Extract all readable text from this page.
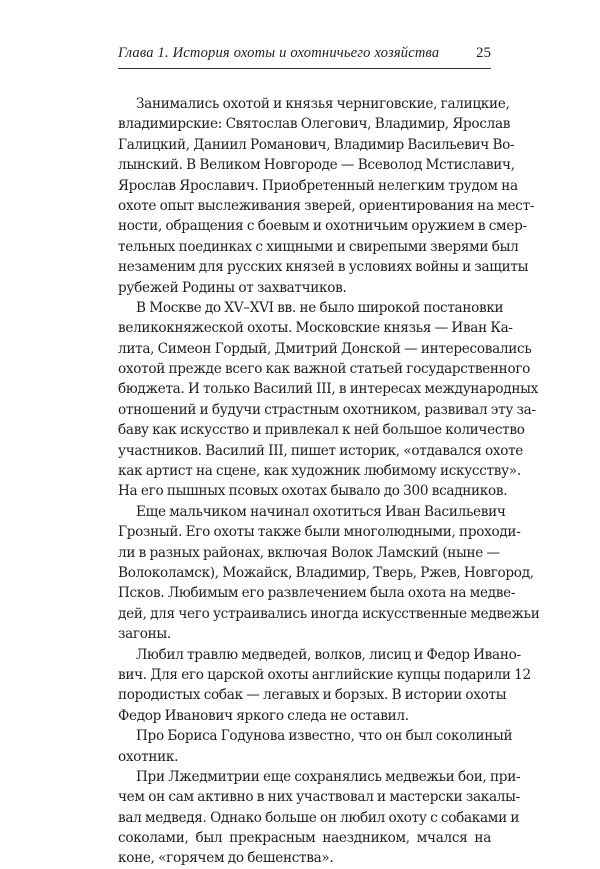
Глава 1. История охоты и охотничьего хозяйства 25
Занимались охотой и князья черниговские, галицкие,
владимирские: Святослав Олегович, Владимир, Ярослав
Галицкий, Даниил Романович, Владимир Васильевич Во-
лынский. В Великом Новгороде — Всеволод Мстиславич,
Ярослав Ярославич. Приобретенный нелегким трудом на
охоте опыт выслеживания зверей, ориентирования на мест-
ности, обращения с боевым и охотничьим оружием в смер-
тельных поединках с хищными и свирепыми зверями был
незаменим для русских князей в условиях войны и защиты
рубежей Родины от захватчиков.
В Москве до XV–XVI вв. не было широкой постановки
великокняжеской охоты. Московские князья — Иван Ка-
лита, Симеон Гордый, Дмитрий Донской — интересовались
охотой прежде всего как важной статьей государственного
бюджета. И только Василий III, в интересах международных
отношений и будучи страстным охотником, развивал эту за-
баву как искусство и привлекал к ней большое количество
участников. Василий III, пишет историк, «отдавался охоте
как артист на сцене, как художник любимому искусству».
На его пышных псовых охотах бывало до 300 всадников.
Еще мальчиком начинал охотиться Иван Васильевич
Грозный. Его охоты также были многолюдными, проходи-
ли в разных районах, включая Волок Ламский (ныне —
Волоколамск), Можайск, Владимир, Тверь, Ржев, Новгород,
Псков. Любимым его развлечением была охота на медве-
дей, для чего устраивались иногда искусственные медвежьи
загоны.
Любил травлю медведей, волков, лисиц и Федор Ивано-
вич. Для его царской охоты английские купцы подарили 12
породистых собак — легавых и борзых. В истории охоты
Федор Иванович яркого следа не оставил.
Про Бориса Годунова известно, что он был соколиный
охотник.
При Лжедмитрии еще сохранялись медвежьи бои, при-
чем он сам активно в них участвовал и мастерски закалы-
вал медведя. Однако больше он любил охоту с собаками и
соколами, был прекрасным наездником, мчался на
коне, «горячем до бешенства».
